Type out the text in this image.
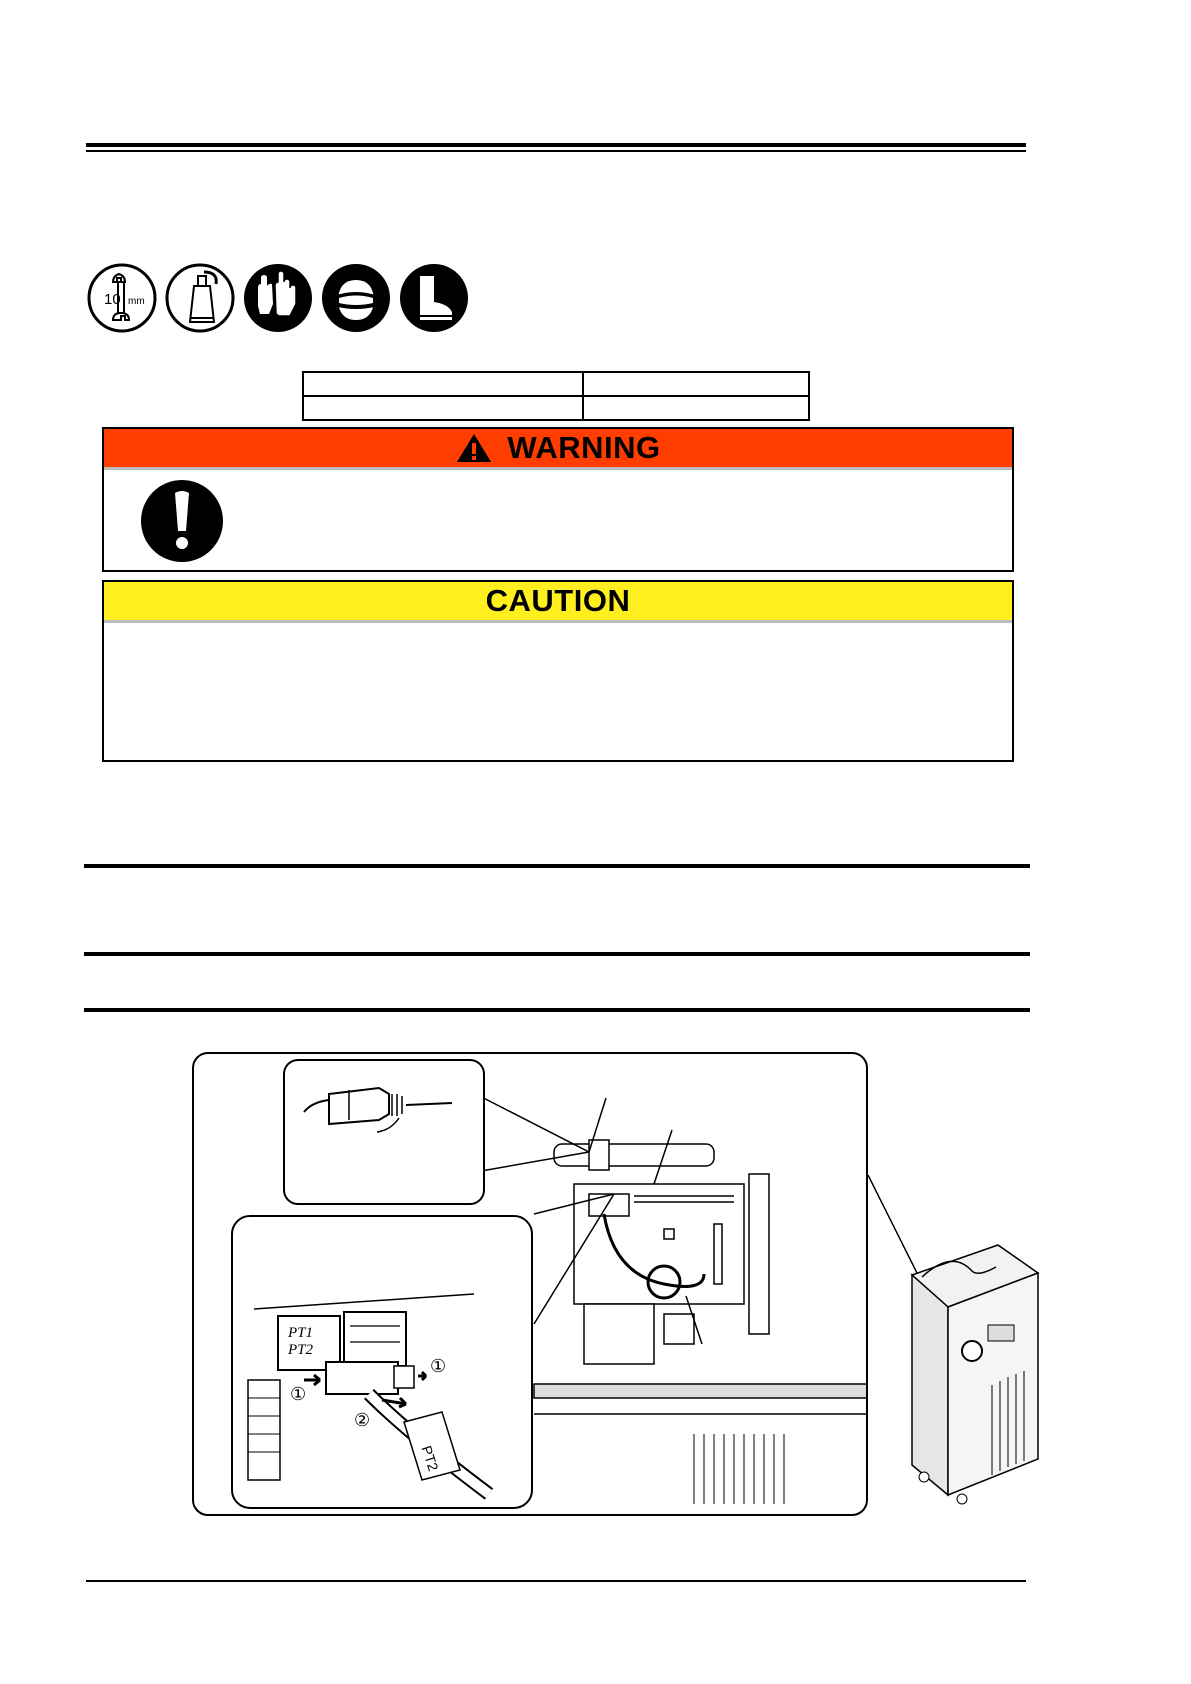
10 mm

WARNING
CAUTION
PT1
PT2
PT2
①
①
②
